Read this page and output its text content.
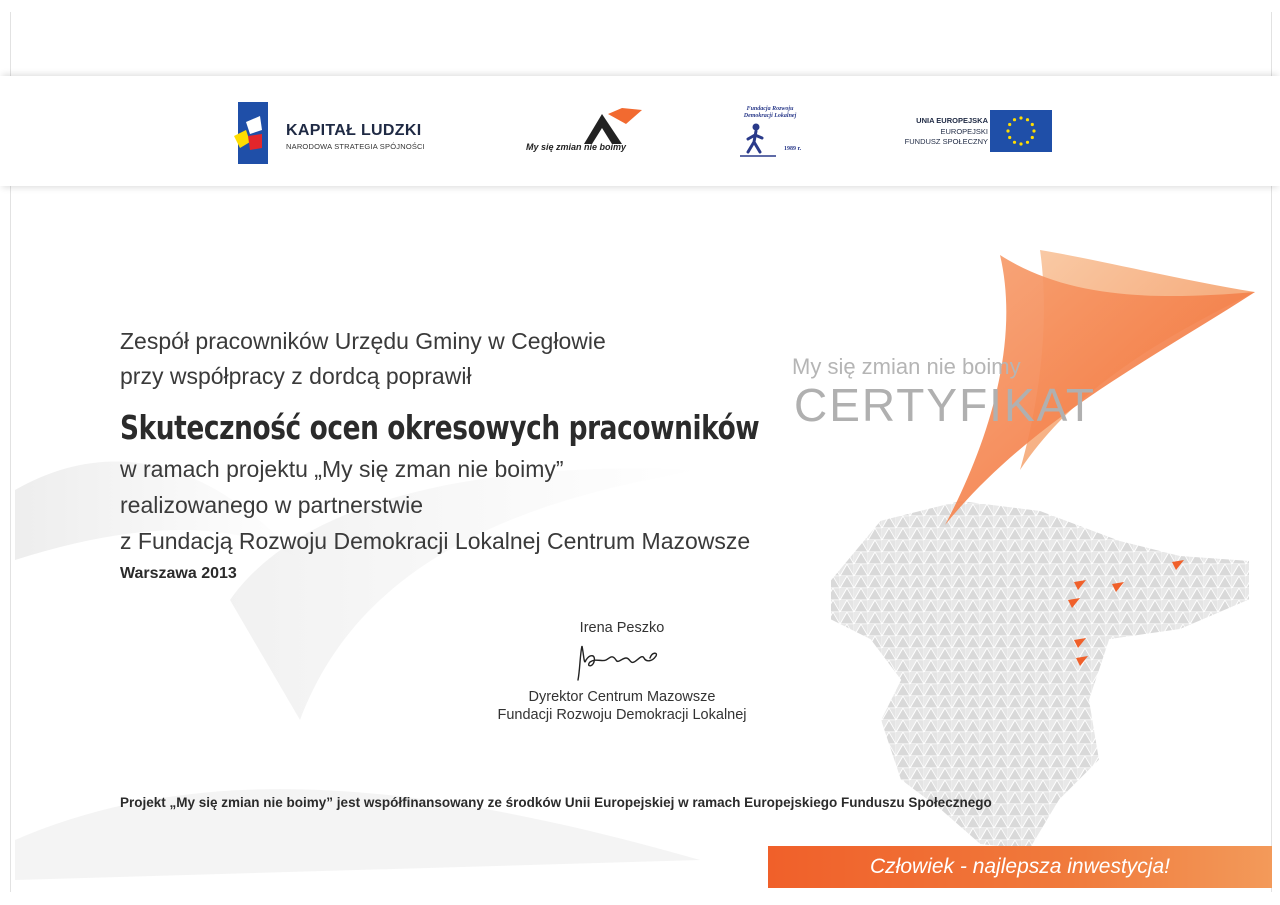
KAPITAŁ LUDZKI
NARODOWA STRATEGIA SPÓJNOŚCI	My się zmian nie boimy
Fundacja Rozwoju Demokracji Lokalnej
1989 r.
UNIA EUROPEJSKA
EUROPEJSKI
FUNDUSZ SPOŁECZNY
My się zmian nie boimy
CERTYFIKAT
Zespół pracowników Urzędu Gminy w Cegłowie
przy współpracy z dordcą poprawił
Skuteczność ocen okresowych pracowników
w ramach projektu „My się zman nie boimy”
realizowanego w partnerstwie
z Fundacją Rozwoju Demokracji Lokalnej Centrum Mazowsze
Warszawa 2013
Irena Peszko
Dyrektor Centrum Mazowsze
Fundacji Rozwoju Demokracji Lokalnej
Projekt „My się zmian nie boimy” jest współfinansowany ze środków Unii Europejskiej w ramach Europejskiego Funduszu Społecznego
Człowiek - najlepsza inwestycja!
